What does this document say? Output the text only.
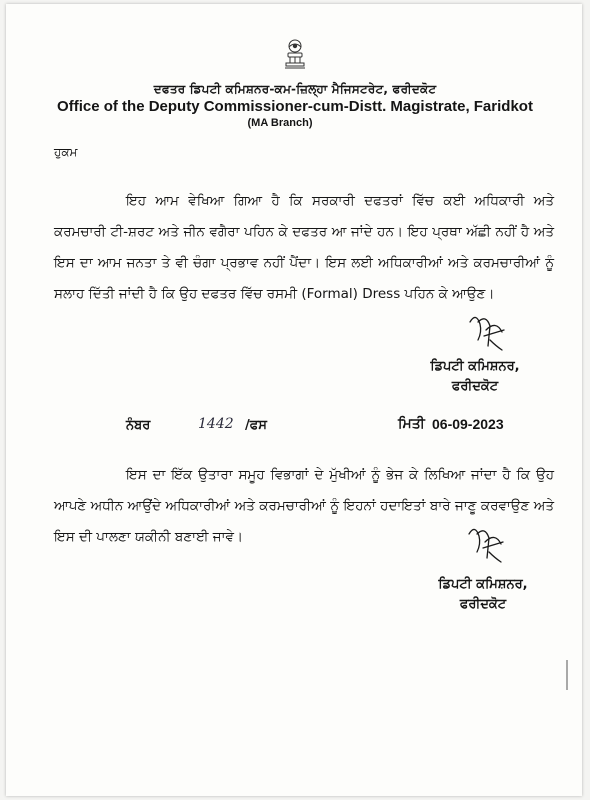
ਦਫਤਰ ਡਿਪਟੀ ਕਮਿਸ਼ਨਰ-ਕਮ-ਜ਼ਿਲ੍ਹਾ ਮੈਜਿਸਟਰੇਟ, ਫਰੀਦਕੋਟ
Office of the Deputy Commissioner-cum-Distt. Magistrate, Faridkot
(MA Branch)
ਹੁਕਮ
ਇਹ ਆਮ ਵੇਖਿਆ ਗਿਆ ਹੈ ਕਿ ਸਰਕਾਰੀ ਦਫਤਰਾਂ ਵਿੱਚ ਕਈ ਅਧਿਕਾਰੀ ਅਤੇ ਕਰਮਚਾਰੀ ਟੀ-ਸ਼ਰਟ ਅਤੇ ਜੀਨ ਵਗੈਰਾ ਪਹਿਨ ਕੇ ਦਫਤਰ ਆ ਜਾਂਦੇ ਹਨ। ਇਹ ਪ੍ਰਥਾ ਅੱਛੀ ਨਹੀਂ ਹੈ ਅਤੇ ਇਸ ਦਾ ਆਮ ਜਨਤਾ ਤੇ ਵੀ ਚੰਗਾ ਪ੍ਰਭਾਵ ਨਹੀਂ ਪੈਂਦਾ। ਇਸ ਲਈ ਅਧਿਕਾਰੀਆਂ ਅਤੇ ਕਰਮਚਾਰੀਆਂ ਨੂੰ ਸਲਾਹ ਦਿੱਤੀ ਜਾਂਦੀ ਹੈ ਕਿ ਉਹ ਦਫਤਰ ਵਿੱਚ ਰਸਮੀ (Formal) Dress ਪਹਿਨ ਕੇ ਆਉਣ।
ਡਿਪਟੀ ਕਮਿਸ਼ਨਰ,
ਫਰੀਦਕੋਟ
ਨੰਬਰ	1442 /ਫਸ	ਮਿਤੀ 06-09-2023
ਇਸ ਦਾ ਇੱਕ ਉਤਾਰਾ ਸਮੂਹ ਵਿਭਾਗਾਂ ਦੇ ਮੁੱਖੀਆਂ ਨੂੰ ਭੇਜ ਕੇ ਲਿਖਿਆ ਜਾਂਦਾ ਹੈ ਕਿ ਉਹ ਆਪਣੇ ਅਧੀਨ ਆਉਂਦੇ ਅਧਿਕਾਰੀਆਂ ਅਤੇ ਕਰਮਚਾਰੀਆਂ ਨੂੰ ਇਹਨਾਂ ਹਦਾਇਤਾਂ ਬਾਰੇ ਜਾਣੂ ਕਰਵਾਉਣ ਅਤੇ ਇਸ ਦੀ ਪਾਲਣਾ ਯਕੀਨੀ ਬਣਾਈ ਜਾਵੇ।
ਡਿਪਟੀ ਕਮਿਸ਼ਨਰ,
ਫਰੀਦਕੋਟ
